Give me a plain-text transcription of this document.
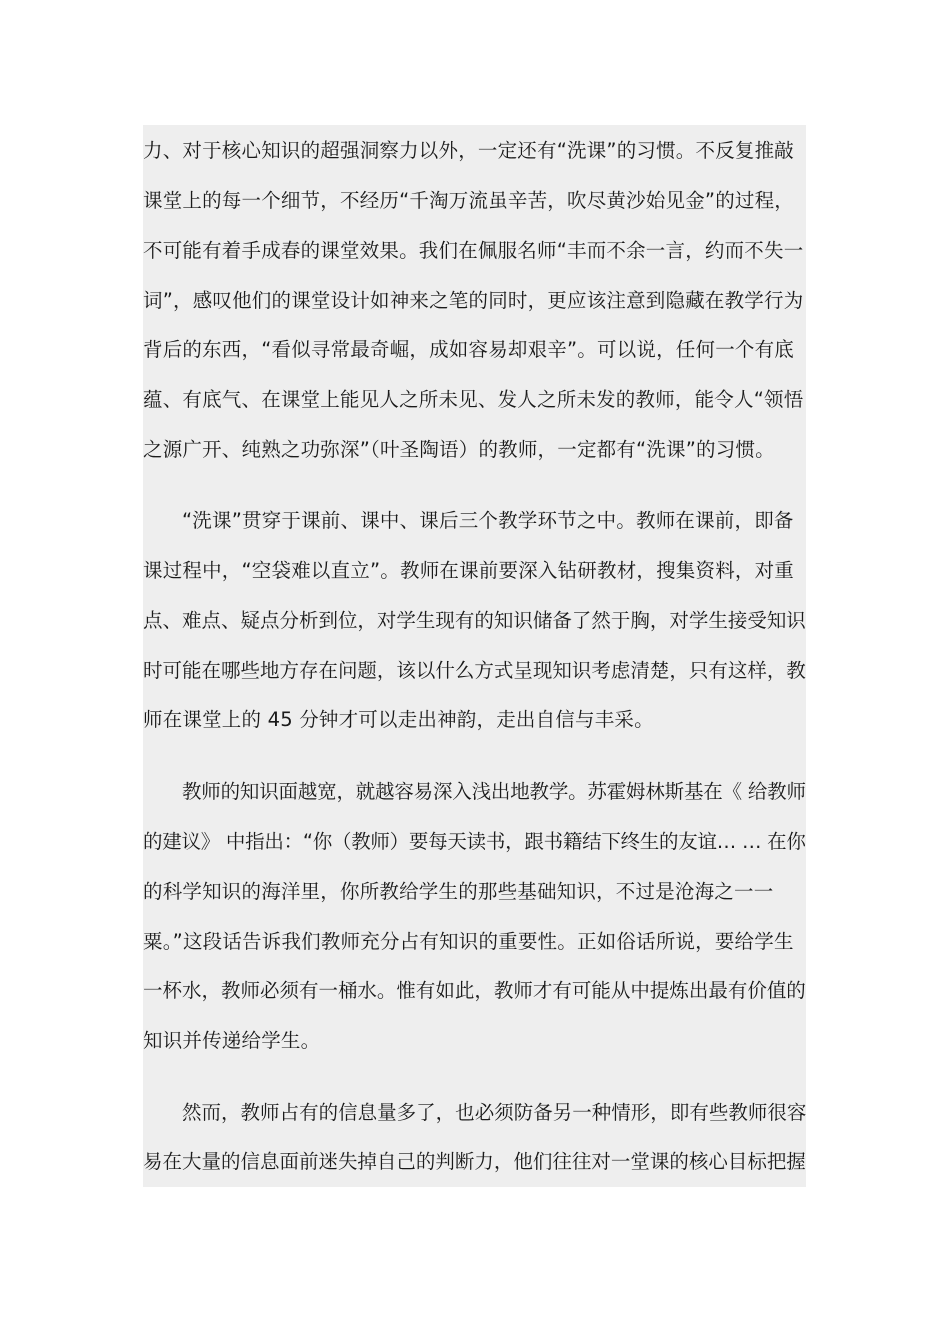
力、对于核心知识的超强洞察力以外，一定还有“洗课”的习惯。不反复推敲
课堂上的每一个细节，不经历“千淘万流虽辛苦，吹尽黄沙始见金”的过程，
不可能有着手成春的课堂效果。我们在佩服名师“丰而不余一言，约而不失一
词”，感叹他们的课堂设计如神来之笔的同时，更应该注意到隐藏在教学行为
背后的东西，“看似寻常最奇崛，成如容易却艰辛”。可以说，任何一个有底
蕴、有底气、在课堂上能见人之所未见、发人之所未发的教师，能令人“领悟
之源广开、纯熟之功弥深”（叶圣陶语）的教师，一定都有“洗课”的习惯。
“洗课”贯穿于课前、课中、课后三个教学环节之中。教师在课前，即备
课过程中，“空袋难以直立”。教师在课前要深入钻研教材，搜集资料，对重
点、难点、疑点分析到位，对学生现有的知识储备了然于胸，对学生接受知识
时可能在哪些地方存在问题，该以什么方式呈现知识考虑清楚，只有这样，教
师在课堂上的 45 分钟才可以走出神韵，走出自信与丰采。
教师的知识面越宽，就越容易深入浅出地教学。苏霍姆林斯基在《 给教师
的建议》 中指出：“你（教师）要每天读书，跟书籍结下终生的友谊… … 在你
的科学知识的海洋里，你所教给学生的那些基础知识，不过是沧海之一一
粟。”这段话告诉我们教师充分占有知识的重要性。正如俗话所说，要给学生
一杯水，教师必须有一桶水。惟有如此，教师才有可能从中提炼出最有价值的
知识并传递给学生。
然而，教师占有的信息量多了，也必须防备另一种情形，即有些教师很容
易在大量的信息面前迷失掉自己的判断力，他们往往对一堂课的核心目标把握
